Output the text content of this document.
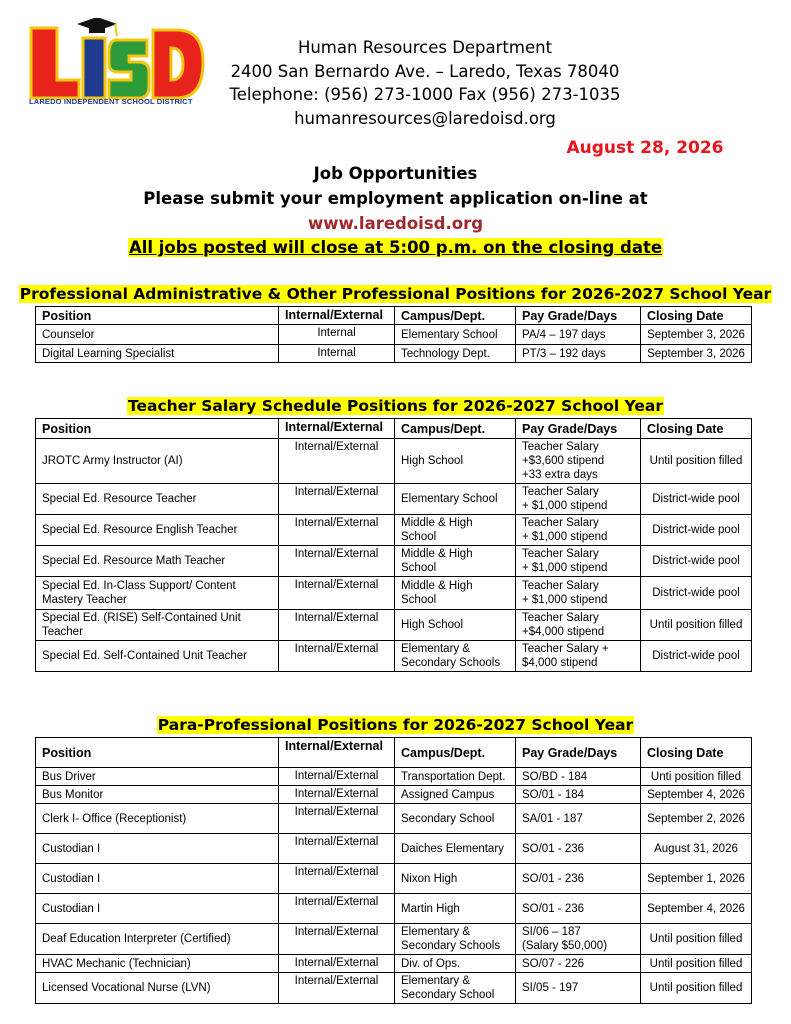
LAREDO INDEPENDENT SCHOOL DISTRICT
Human Resources Department
2400 San Bernardo Ave. – Laredo, Texas 78040
Telephone: (956) 273-1000 Fax (956) 273-1035
humanresources@laredoisd.org
August 28, 2026
Job Opportunities
Please submit your employment application on-line at
www.laredoisd.org
All jobs posted will close at 5:00 p.m. on the closing date
Professional Administrative & Other Professional Positions for 2026-2027 School Year
Position	Internal/External	Campus/Dept.	Pay Grade/Days	Closing Date
Counselor	Internal	Elementary School	PA/4 – 197 days	September 3, 2026
Digital Learning Specialist	Internal	Technology Dept.	PT/3 – 192 days	September 3, 2026
Teacher Salary Schedule Positions for 2026-2027 School Year
Position	Internal/External	Campus/Dept.	Pay Grade/Days	Closing Date
JROTC Army Instructor (AI)	Internal/External	High School	Teacher Salary
+$3,600 stipend
+33 extra days	Until position filled
Special Ed. Resource Teacher	Internal/External	Elementary School	Teacher Salary
+ $1,000 stipend	District-wide pool
Special Ed. Resource English Teacher	Internal/External	Middle & High School	Teacher Salary
+ $1,000 stipend	District-wide pool
Special Ed. Resource Math Teacher	Internal/External	Middle & High School	Teacher Salary
+ $1,000 stipend	District-wide pool
Special Ed. In-Class Support/ Content Mastery Teacher	Internal/External	Middle & High School	Teacher Salary
+ $1,000 stipend	District-wide pool
Special Ed. (RISE) Self-Contained Unit Teacher	Internal/External	High School	Teacher Salary
+$4,000 stipend	Until position filled
Special Ed. Self-Contained Unit Teacher	Internal/External	Elementary &
Secondary Schools	Teacher Salary +
$4,000 stipend	District-wide pool
Para-Professional Positions for 2026-2027 School Year
Position	Internal/External	Campus/Dept.	Pay Grade/Days	Closing Date
Bus Driver	Internal/External	Transportation Dept.	SO/BD - 184	Unti position filled
Bus Monitor	Internal/External	Assigned Campus	SO/01 - 184	September 4, 2026
Clerk I- Office (Receptionist)	Internal/External	Secondary School	SA/01 - 187	September 2, 2026
Custodian I	Internal/External	Daiches Elementary	SO/01 - 236	August 31, 2026
Custodian I	Internal/External	Nixon High	SO/01 - 236	September 1, 2026
Custodian I	Internal/External	Martin High	SO/01 - 236	September 4, 2026
Deaf Education Interpreter (Certified)	Internal/External	Elementary &
Secondary Schools	SI/06 – 187
(Salary $50,000)	Until position filled
HVAC Mechanic (Technician)	Internal/External	Div. of Ops.	SO/07 - 226	Until position filled
Licensed Vocational Nurse (LVN)	Internal/External	Elementary &
Secondary School	SI/05 - 197	Until position filled
